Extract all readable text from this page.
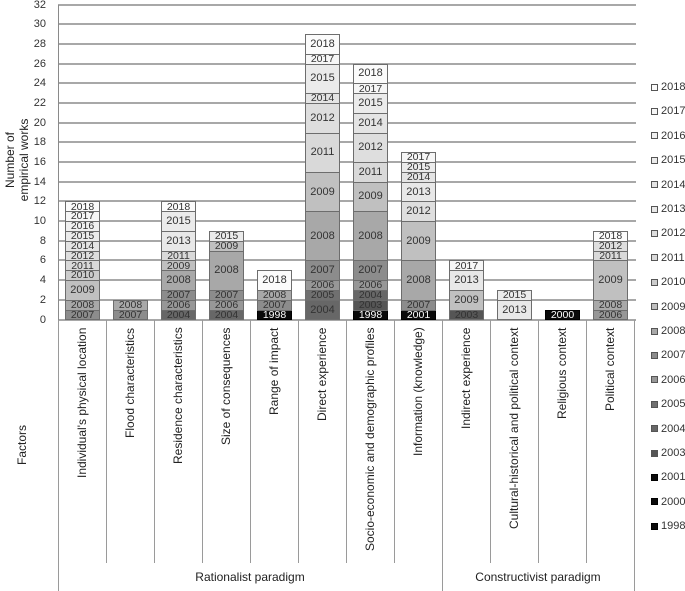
Number of empirical works
Factors
0
2
4
6
8
10
12
14
16
18
20
22
24
26
28
30
32
2007
2008
2009
2010
2011
2012
2014
2015
2016
2017
2018
2007
2008
2004
2006
2007
2008
2009
2011
2013
2015
2018
2004
2006
2007
2008
2009
2015
1998
2007
2008
2018
2004
2005
2006
2007
2008
2009
2011
2012
2014
2015
2017
2018
1998
2003
2004
2006
2007
2008
2009
2011
2012
2014
2015
2017
2018
2001
2007
2008
2009
2012
2013
2014
2015
2017
2003
2009
2013
2017
2013
2015
2000	2006
2008
2009
2011
2012
2018
Individual's physical location	Flood characteristics	Residence characteristics	Size of consequences	Range of impact	Direct experience	Socio-economic and demographic profiles	Information (knowledge)	Indirect experience	Cultural-historical and political context	Religious context	Political context
Rationalist paradigm	Constructivist paradigm
2018
2017
2016
2015
2014
2013
2012
2011
2010
2009
2008
2007
2006
2005
2004
2003
2001
2000
1998
